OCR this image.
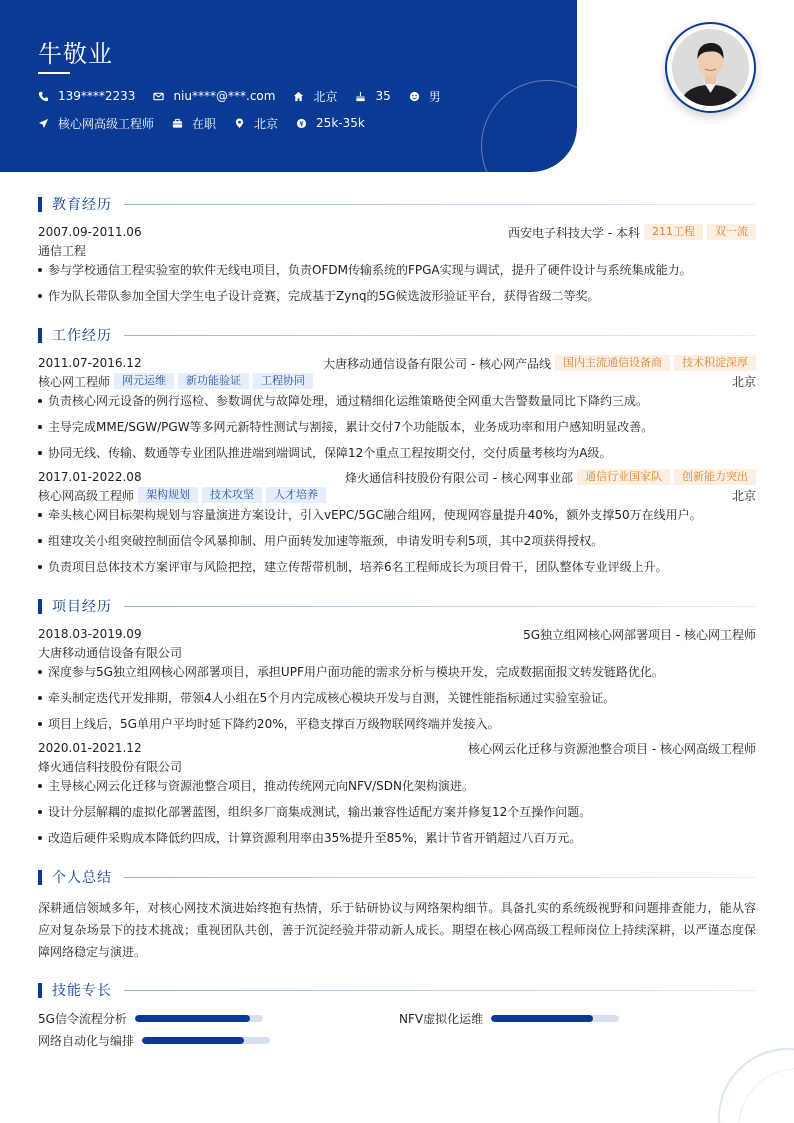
牛敬业
139****2233	niu****@***.com	北京	35	男
核心网高级工程师	在职	北京	25k-35k
教育经历
2007.09-2011.06	西安电子科技大学 - 本科	211工程	双一流
通信工程
参与学校通信工程实验室的软件无线电项目，负责OFDM传输系统的FPGA实现与调试，提升了硬件设计与系统集成能力。
作为队长带队参加全国大学生电子设计竞赛，完成基于Zynq的5G候选波形验证平台，获得省级二等奖。
工作经历
2011.07-2016.12	大唐移动通信设备有限公司 - 核心网产品线	国内主流通信设备商	技术积淀深厚
核心网工程师	网元运维	新功能验证	工程协同	北京
负责核心网元设备的例行巡检、参数调优与故障处理，通过精细化运维策略使全网重大告警数量同比下降约三成。
主导完成MME/SGW/PGW等多网元新特性测试与割接，累计交付7个功能版本，业务成功率和用户感知明显改善。
协同无线、传输、数通等专业团队推进端到端调试，保障12个重点工程按期交付，交付质量考核均为A级。
2017.01-2022.08	烽火通信科技股份有限公司 - 核心网事业部	通信行业国家队	创新能力突出
核心网高级工程师	架构规划	技术攻坚	人才培养	北京
牵头核心网目标架构规划与容量演进方案设计，引入vEPC/5GC融合组网，使现网容量提升40%，额外支撑50万在线用户。
组建攻关小组突破控制面信令风暴抑制、用户面转发加速等瓶颈，申请发明专利5项，其中2项获得授权。
负责项目总体技术方案评审与风险把控，建立传帮带机制，培养6名工程师成长为项目骨干，团队整体专业评级上升。
项目经历
2018.03-2019.09	5G独立组网核心网部署项目 - 核心网工程师
大唐移动通信设备有限公司
深度参与5G独立组网核心网部署项目，承担UPF用户面功能的需求分析与模块开发，完成数据面报文转发链路优化。
牵头制定迭代开发排期，带领4人小组在5个月内完成核心模块开发与自测，关键性能指标通过实验室验证。
项目上线后，5G单用户平均时延下降约20%，平稳支撑百万级物联网终端并发接入。
2020.01-2021.12	核心网云化迁移与资源池整合项目 - 核心网高级工程师
烽火通信科技股份有限公司
主导核心网云化迁移与资源池整合项目，推动传统网元向NFV/SDN化架构演进。
设计分层解耦的虚拟化部署蓝图，组织多厂商集成测试，输出兼容性适配方案并修复12个互操作问题。
改造后硬件采购成本降低约四成，计算资源利用率由35%提升至85%，累计节省开销超过八百万元。
个人总结
深耕通信领域多年，对核心网技术演进始终抱有热情，乐于钻研协议与网络架构细节。具备扎实的系统级视野和问题排查能力，能从容应对复杂场景下的技术挑战；重视团队共创，善于沉淀经验并带动新人成长。期望在核心网高级工程师岗位上持续深耕，以严谨态度保障网络稳定与演进。
技能专长
5G信令流程分析	NFV虚拟化运维
网络自动化与编排
